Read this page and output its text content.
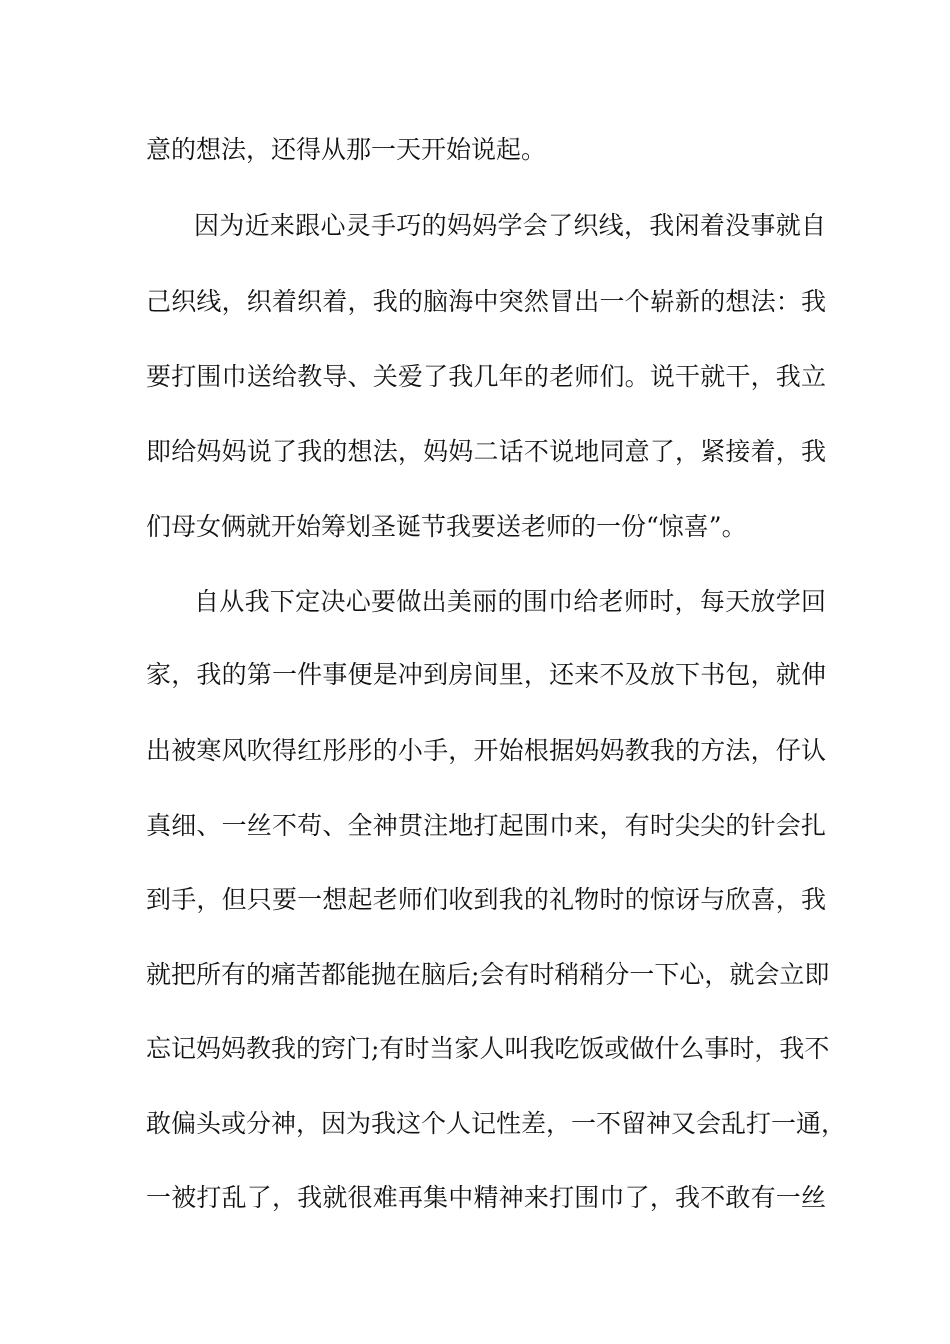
意的想法，还得从那一天开始说起。
因为近来跟心灵手巧的妈妈学会了织线，我闲着没事就自
己织线，织着织着，我的脑海中突然冒出一个崭新的想法：我
要打围巾送给教导、关爱了我几年的老师们。说干就干，我立
即给妈妈说了我的想法，妈妈二话不说地同意了，紧接着，我
们母女俩就开始筹划圣诞节我要送老师的一份“惊喜”。
自从我下定决心要做出美丽的围巾给老师时，每天放学回
家，我的第一件事便是冲到房间里，还来不及放下书包，就伸
出被寒风吹得红彤彤的小手，开始根据妈妈教我的方法，仔认
真细、一丝不苟、全神贯注地打起围巾来，有时尖尖的针会扎
到手，但只要一想起老师们收到我的礼物时的惊讶与欣喜，我
就把所有的痛苦都能抛在脑后;会有时稍稍分一下心，就会立即
忘记妈妈教我的窍门;有时当家人叫我吃饭或做什么事时，我不
敢偏头或分神，因为我这个人记性差，一不留神又会乱打一通，
一被打乱了，我就很难再集中精神来打围巾了，我不敢有一丝
